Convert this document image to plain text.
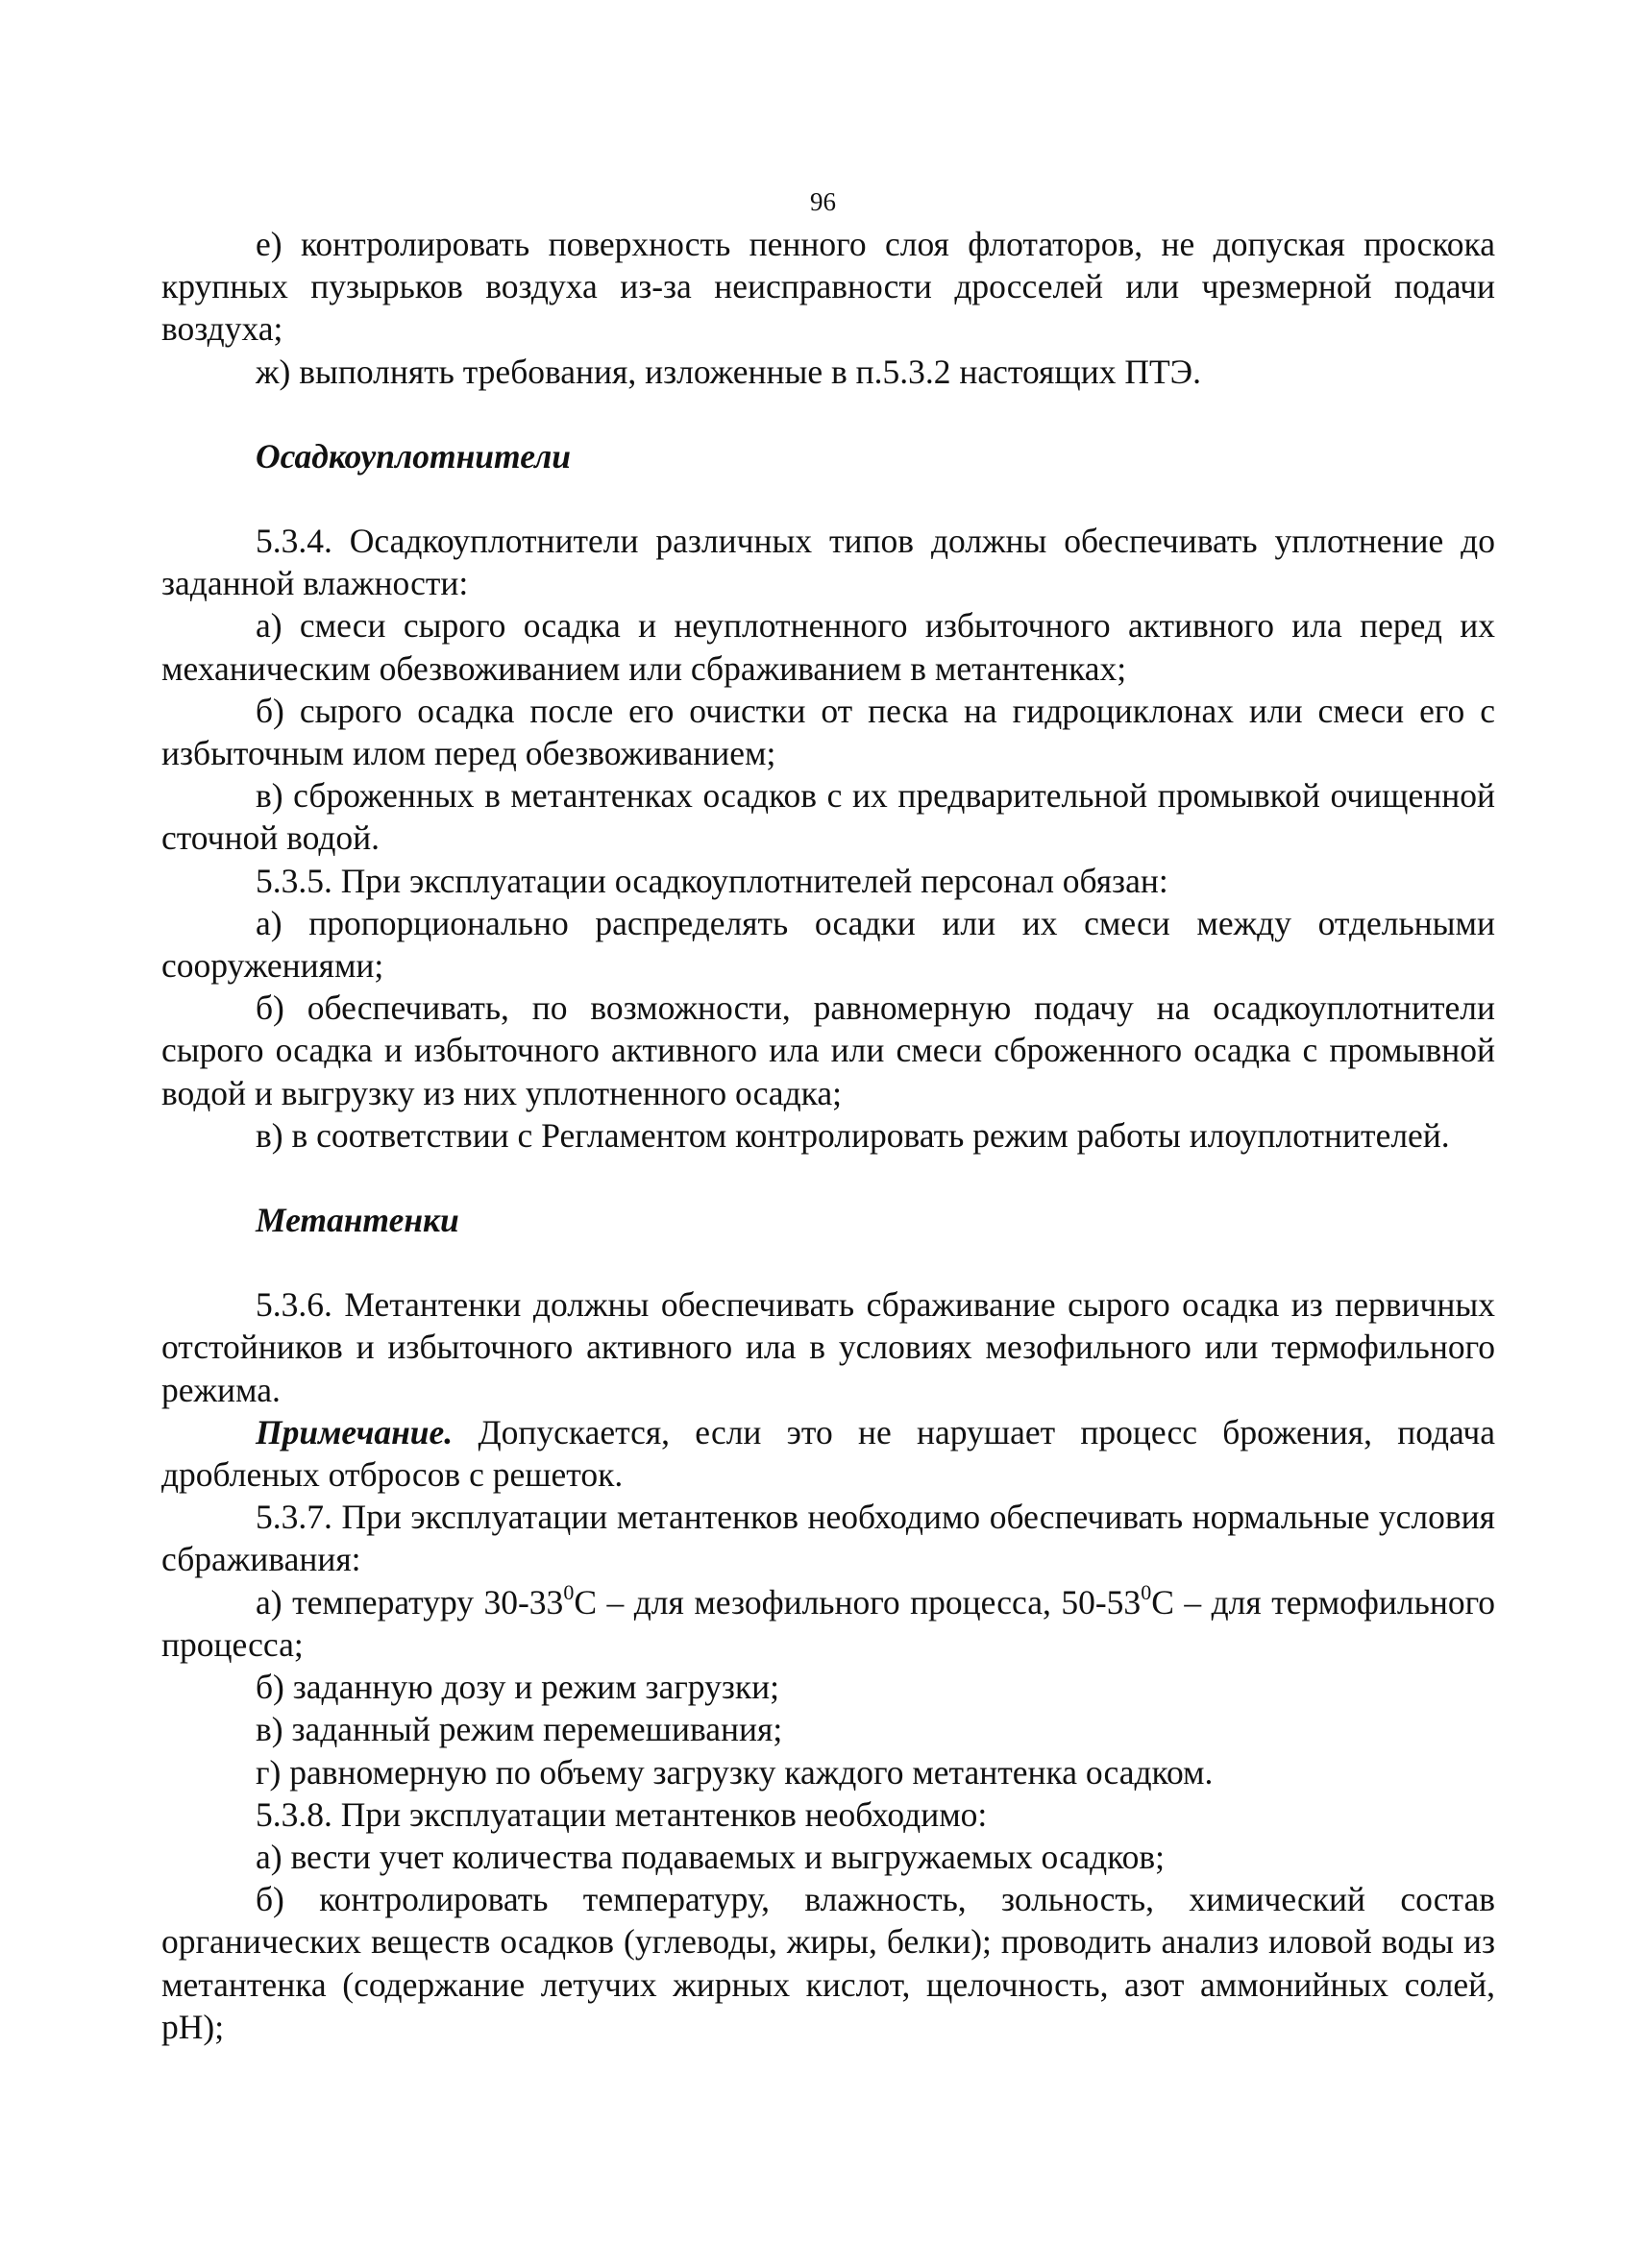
96

е) контролировать поверхность пенного слоя флотаторов, не допуская проскока крупных пузырьков воздуха из-за неисправности дросселей или чрезмерной подачи воздуха;

ж) выполнять требования, изложенные в п.5.3.2 настоящих ПТЭ.

Осадкоуплотнители

5.3.4. Осадкоуплотнители различных типов должны обеспечивать уплотнение до заданной влажности:

а) смеси сырого осадка и неуплотненного избыточного активного ила перед их механическим обезвоживанием или сбраживанием в метантенках;

б) сырого осадка после его очистки от песка на гидроциклонах или смеси его с избыточным илом перед обезвоживанием;

в) сброженных в метантенках осадков с их предварительной промывкой очищенной сточной водой.

5.3.5. При эксплуатации осадкоуплотнителей персонал обязан:

а) пропорционально распределять осадки или их смеси между отдельными сооружениями;

б) обеспечивать, по возможности, равномерную подачу на осадкоуплотнители сырого осадка и избыточного активного ила или смеси сброженного осадка с промывной водой и выгрузку из них уплотненного осадка;

в) в соответствии с Регламентом контролировать режим работы илоуплотнителей.

Метантенки

5.3.6. Метантенки должны обеспечивать сбраживание сырого осадка из первичных отстойников и избыточного активного ила в условиях мезофильного или термофильного режима.

Примечание. Допускается, если это не нарушает процесс брожения, подача дробленых отбросов с решеток.

5.3.7. При эксплуатации метантенков необходимо обеспечивать нормальные условия сбраживания:

а) температуру $30-33^0С$ – для мезофильного процесса, $50-53^0С$ – для термофильного процесса;

б) заданную дозу и режим загрузки;

в) заданный режим перемешивания;

г) равномерную по объему загрузку каждого метантенка осадком.

5.3.8. При эксплуатации метантенков необходимо:

а) вести учет количества подаваемых и выгружаемых осадков;

б) контролировать температуру, влажность, зольность, химический состав органических веществ осадков (углеводы, жиры, белки); проводить анализ иловой воды из метантенка (содержание летучих жирных кислот, щелочность, азот аммонийных солей, pH);
